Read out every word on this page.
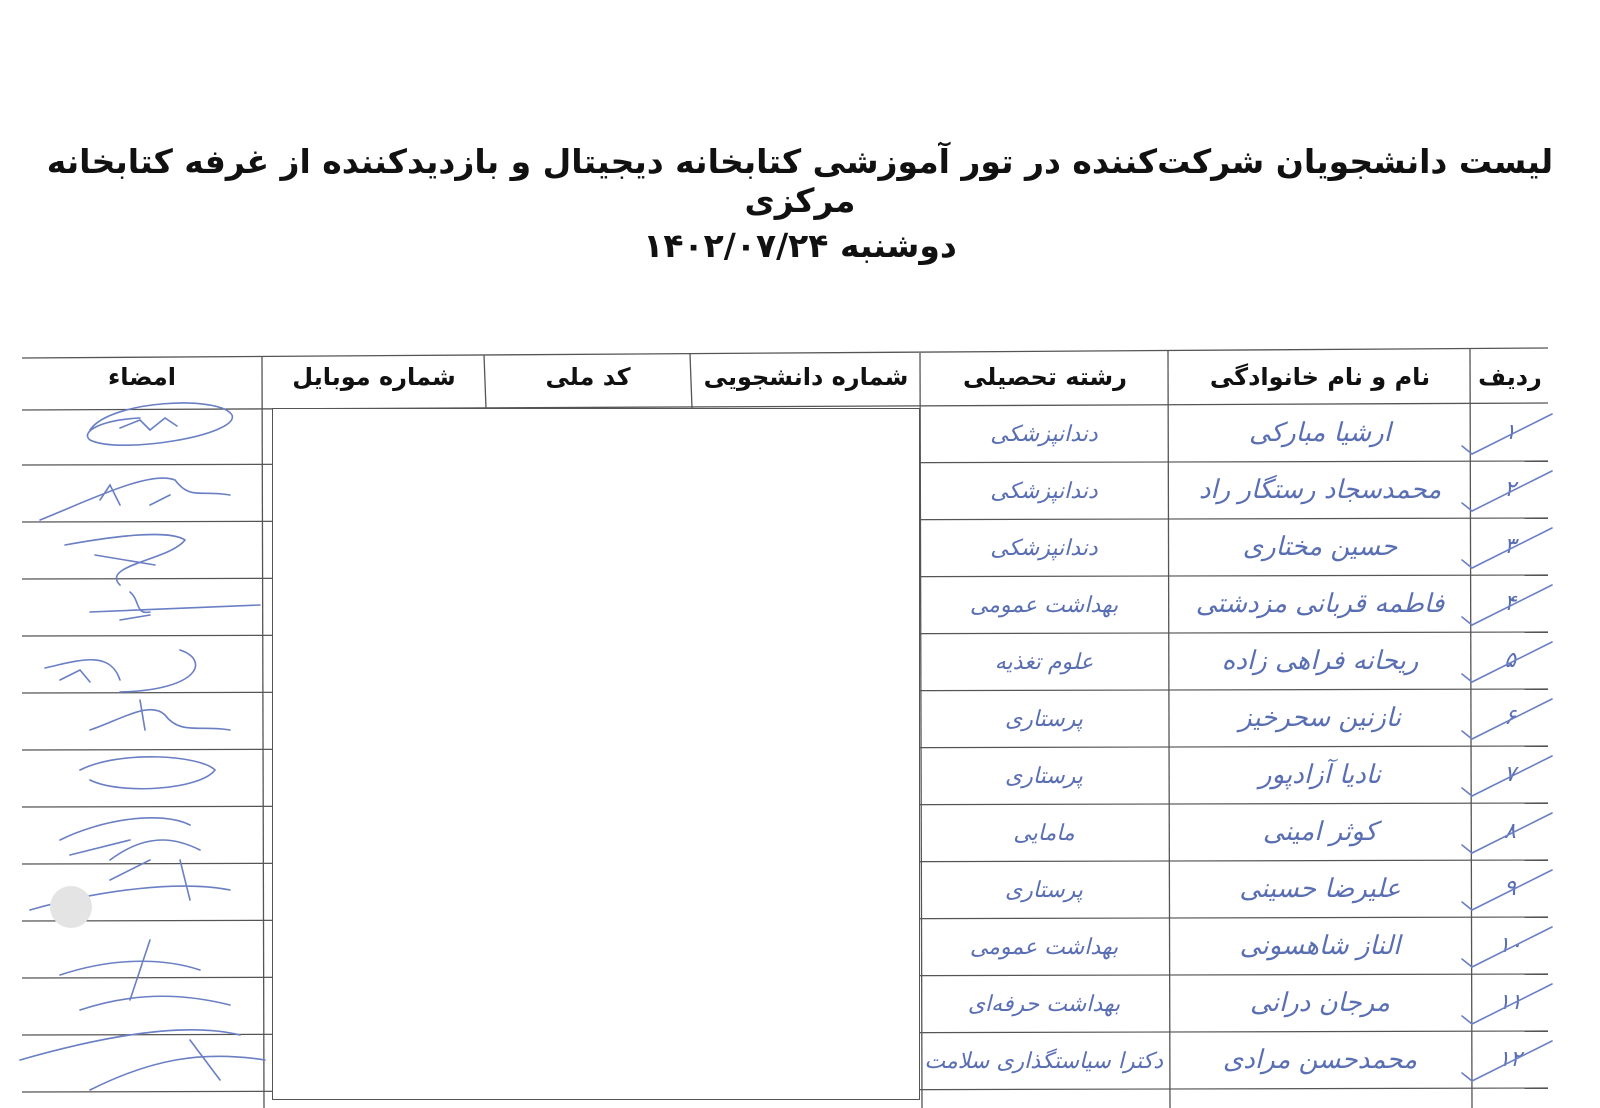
لیست دانشجویان شرکت‌کننده در تور آموزشی کتابخانه دیجیتال و بازدیدکننده از غرفه کتابخانه مرکزی
دوشنبه ۱۴۰۲/۰۷/۲۴
ردیف
نام و نام خانوادگی
رشته تحصیلی
شماره دانشجویی
کد ملی
شماره موبایل
امضاء
۱
ارشیا مبارکی
دندانپزشکی
۲
محمدسجاد رستگار راد
دندانپزشکی
۳
حسین مختاری
دندانپزشکی
۴
فاطمه قربانی مزدشتی
بهداشت عمومی
۵
ریحانه فراهی زاده
علوم تغذیه
۶
نازنین سحرخیز
پرستاری
۷
نادیا آزادپور
پرستاری
۸
کوثر امینی
مامایی
۹
علیرضا حسینی
پرستاری
۱۰
الناز شاهسونی
بهداشت عمومی
۱۱
مرجان درانی
بهداشت حرفه‌ای
۱۲
محمدحسن مرادی
دکترا سیاستگذاری سلامت
